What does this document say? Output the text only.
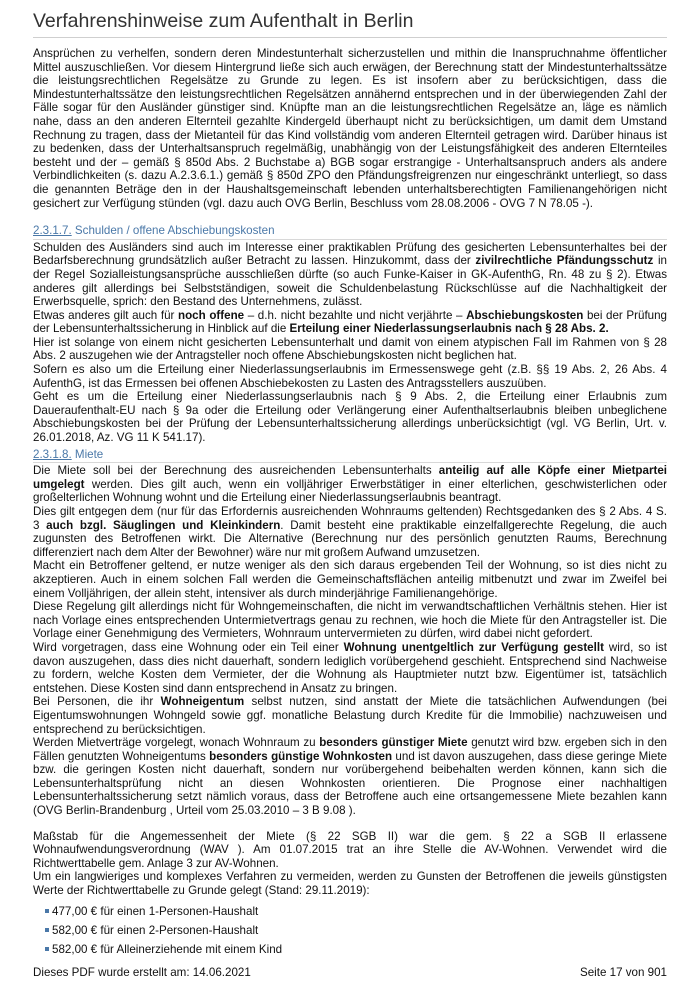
Verfahrenshinweise zum Aufenthalt in Berlin

Ansprüchen zu verhelfen, sondern deren Mindestunterhalt sicherzustellen und mithin die Inanspruchnahme öffentlicher Mittel auszuschließen. Vor diesem Hintergrund ließe sich auch erwägen, der Berechnung statt der Mindestunterhaltssätze die leistungsrechtlichen Regelsätze zu Grunde zu legen. Es ist insofern aber zu berücksichtigen, dass die Mindestunterhaltssätze den leistungsrechtlichen Regelsätzen annähernd entsprechen und in der überwiegenden Zahl der Fälle sogar für den Ausländer günstiger sind. Knüpfte man an die leistungsrechtlichen Regelsätze an, läge es nämlich nahe, dass an den anderen Elternteil gezahlte Kindergeld überhaupt nicht zu berücksichtigen, um damit dem Umstand Rechnung zu tragen, dass der Mietanteil für das Kind vollständig vom anderen Elternteil getragen wird. Darüber hinaus ist zu bedenken, dass der Unterhaltsanspruch regelmäßig, unabhängig von der Leistungsfähigkeit des anderen Elternteiles besteht und der – gemäß § 850d Abs. 2 Buchstabe a) BGB sogar erstrangige - Unterhaltsanspruch anders als andere Verbindlichkeiten (s. dazu A.2.3.6.1.) gemäß § 850d ZPO den Pfändungsfreigrenzen nur eingeschränkt unterliegt, so dass die genannten Beträge den in der Haushaltsgemeinschaft lebenden unterhaltsberechtigten Familienangehörigen nicht gesichert zur Verfügung stünden (vgl. dazu auch OVG Berlin, Beschluss vom 28.08.2006 - OVG 7 N 78.05 -).

2.3.1.7. Schulden / offene Abschiebungskosten

Schulden des Ausländers sind auch im Interesse einer praktikablen Prüfung des gesicherten Lebensunterhaltes bei der Bedarfsberechnung grundsätzlich außer Betracht zu lassen. Hinzukommt, dass der zivilrechtliche Pfändungsschutz in der Regel Sozialleistungsansprüche ausschließen dürfte (so auch Funke-Kaiser in GK-AufenthG, Rn. 48 zu § 2). Etwas anderes gilt allerdings bei Selbstständigen, soweit die Schuldenbelastung Rückschlüsse auf die Nachhaltigkeit der Erwerbsquelle, sprich: den Bestand des Unternehmens, zulässt.

Etwas anderes gilt auch für noch offene – d.h. nicht bezahlte und nicht verjährte – Abschiebungskosten bei der Prüfung der Lebensunterhaltssicherung in Hinblick auf die Erteilung einer Niederlassungserlaubnis nach § 28 Abs. 2.

Hier ist solange von einem nicht gesicherten Lebensunterhalt und damit von einem atypischen Fall im Rahmen von § 28 Abs. 2 auszugehen wie der Antragsteller noch offene Abschiebungskosten nicht beglichen hat.

Sofern es also um die Erteilung einer Niederlassungserlaubnis im Ermessenswege geht (z.B. §§ 19 Abs. 2, 26 Abs. 4 AufenthG, ist das Ermessen bei offenen Abschiebekosten zu Lasten des Antragsstellers auszuüben.

Geht es um die Erteilung einer Niederlassungserlaubnis nach § 9 Abs. 2, die Erteilung einer Erlaubnis zum Daueraufenthalt-EU nach § 9a oder die Erteilung oder Verlängerung einer Aufenthaltserlaubnis bleiben unbeglichene Abschiebungskosten bei der Prüfung der Lebensunterhaltssicherung allerdings unberücksichtigt (vgl. VG Berlin, Urt. v. 26.01.2018, Az. VG 11 K 541.17).

2.3.1.8. Miete

Die Miete soll bei der Berechnung des ausreichenden Lebensunterhalts anteilig auf alle Köpfe einer Mietpartei umgelegt werden. Dies gilt auch, wenn ein volljähriger Erwerbstätiger in einer elterlichen, geschwisterlichen oder großelterlichen Wohnung wohnt und die Erteilung einer Niederlassungserlaubnis beantragt.

Dies gilt entgegen dem (nur für das Erfordernis ausreichenden Wohnraums geltenden) Rechtsgedanken des § 2 Abs. 4 S. 3 auch bzgl. Säuglingen und Kleinkindern. Damit besteht eine praktikable einzelfallgerechte Regelung, die auch zugunsten des Betroffenen wirkt. Die Alternative (Berechnung nur des persönlich genutzten Raums, Berechnung differenziert nach dem Alter der Bewohner) wäre nur mit großem Aufwand umzusetzen.

Macht ein Betroffener geltend, er nutze weniger als den sich daraus ergebenden Teil der Wohnung, so ist dies nicht zu akzeptieren. Auch in einem solchen Fall werden die Gemeinschaftsflächen anteilig mitbenutzt und zwar im Zweifel bei einem Volljährigen, der allein steht, intensiver als durch minderjährige Familienangehörige.

Diese Regelung gilt allerdings nicht für Wohngemeinschaften, die nicht im verwandtschaftlichen Verhältnis stehen. Hier ist nach Vorlage eines entsprechenden Untermietvertrags genau zu rechnen, wie hoch die Miete für den Antragsteller ist. Die Vorlage einer Genehmigung des Vermieters, Wohnraum untervermieten zu dürfen, wird dabei nicht gefordert.

Wird vorgetragen, dass eine Wohnung oder ein Teil einer Wohnung unentgeltlich zur Verfügung gestellt wird, so ist davon auszugehen, dass dies nicht dauerhaft, sondern lediglich vorübergehend geschieht. Entsprechend sind Nachweise zu fordern, welche Kosten dem Vermieter, der die Wohnung als Hauptmieter nutzt bzw. Eigentümer ist, tatsächlich entstehen. Diese Kosten sind dann entsprechend in Ansatz zu bringen.

Bei Personen, die ihr Wohneigentum selbst nutzen, sind anstatt der Miete die tatsächlichen Aufwendungen (bei Eigentumswohnungen Wohngeld sowie ggf. monatliche Belastung durch Kredite für die Immobilie) nachzuweisen und entsprechend zu berücksichtigen.

Werden Mietverträge vorgelegt, wonach Wohnraum zu besonders günstiger Miete genutzt wird bzw. ergeben sich in den Fällen genutzten Wohneigentums besonders günstige Wohnkosten und ist davon auszugehen, dass diese geringe Miete bzw. die geringen Kosten nicht dauerhaft, sondern nur vorübergehend beibehalten werden können, kann sich die Lebensunterhaltsprüfung nicht an diesen Wohnkosten orientieren. Die Prognose einer nachhaltigen Lebensunterhaltssicherung setzt nämlich voraus, dass der Betroffene auch eine ortsangemessene Miete bezahlen kann (OVG Berlin-Brandenburg , Urteil vom 25.03.2010 – 3 B 9.08 ).

Maßstab für die Angemessenheit der Miete (§ 22 SGB II) war die gem. § 22 a SGB II erlassene Wohnaufwendungsverordnung (WAV ). Am 01.07.2015 trat an ihre Stelle die AV-Wohnen. Verwendet wird die Richtwerttabelle gem. Anlage 3 zur AV-Wohnen.

Um ein langwieriges und komplexes Verfahren zu vermeiden, werden zu Gunsten der Betroffenen die jeweils günstigsten Werte der Richtwerttabelle zu Grunde gelegt (Stand: 29.11.2019):

477,00 € für einen 1-Personen-Haushalt
582,00 € für einen 2-Personen-Haushalt
582,00 € für Alleinerziehende mit einem Kind
Dieses PDF wurde erstellt am: 14.06.2021	Seite 17 von 901
